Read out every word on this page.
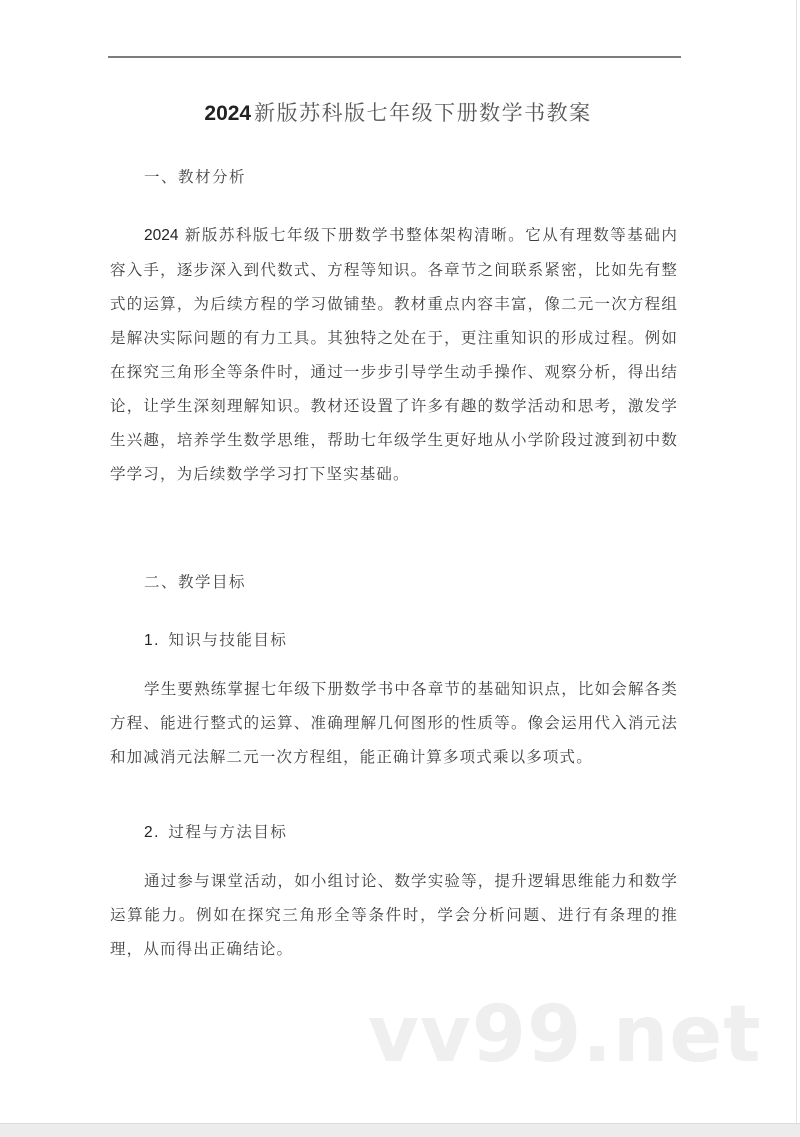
2024 新版苏科版七年级下册数学书教案
一、教材分析

2024 新版苏科版七年级下册数学书整体架构清晰。它从有理数等基础内容入手，逐步深入到代数式、方程等知识。各章节之间联系紧密，比如先有整式的运算，为后续方程的学习做铺垫。教材重点内容丰富，像二元一次方程组是解决实际问题的有力工具。其独特之处在于，更注重知识的形成过程。例如在探究三角形全等条件时，通过一步步引导学生动手操作、观察分析，得出结论，让学生深刻理解知识。教材还设置了许多有趣的数学活动和思考，激发学生兴趣，培养学生数学思维，帮助七年级学生更好地从小学阶段过渡到初中数学学习，为后续数学学习打下坚实基础。

二、教学目标
1. 知识与技能目标

学生要熟练掌握七年级下册数学书中各章节的基础知识点，比如会解各类方程、能进行整式的运算、准确理解几何图形的性质等。像会运用代入消元法和加减消元法解二元一次方程组，能正确计算多项式乘以多项式。

2. 过程与方法目标

通过参与课堂活动，如小组讨论、数学实验等，提升逻辑思维能力和数学运算能力。例如在探究三角形全等条件时，学会分析问题、进行有条理的推理，从而得出正确结论。

vv99.net
